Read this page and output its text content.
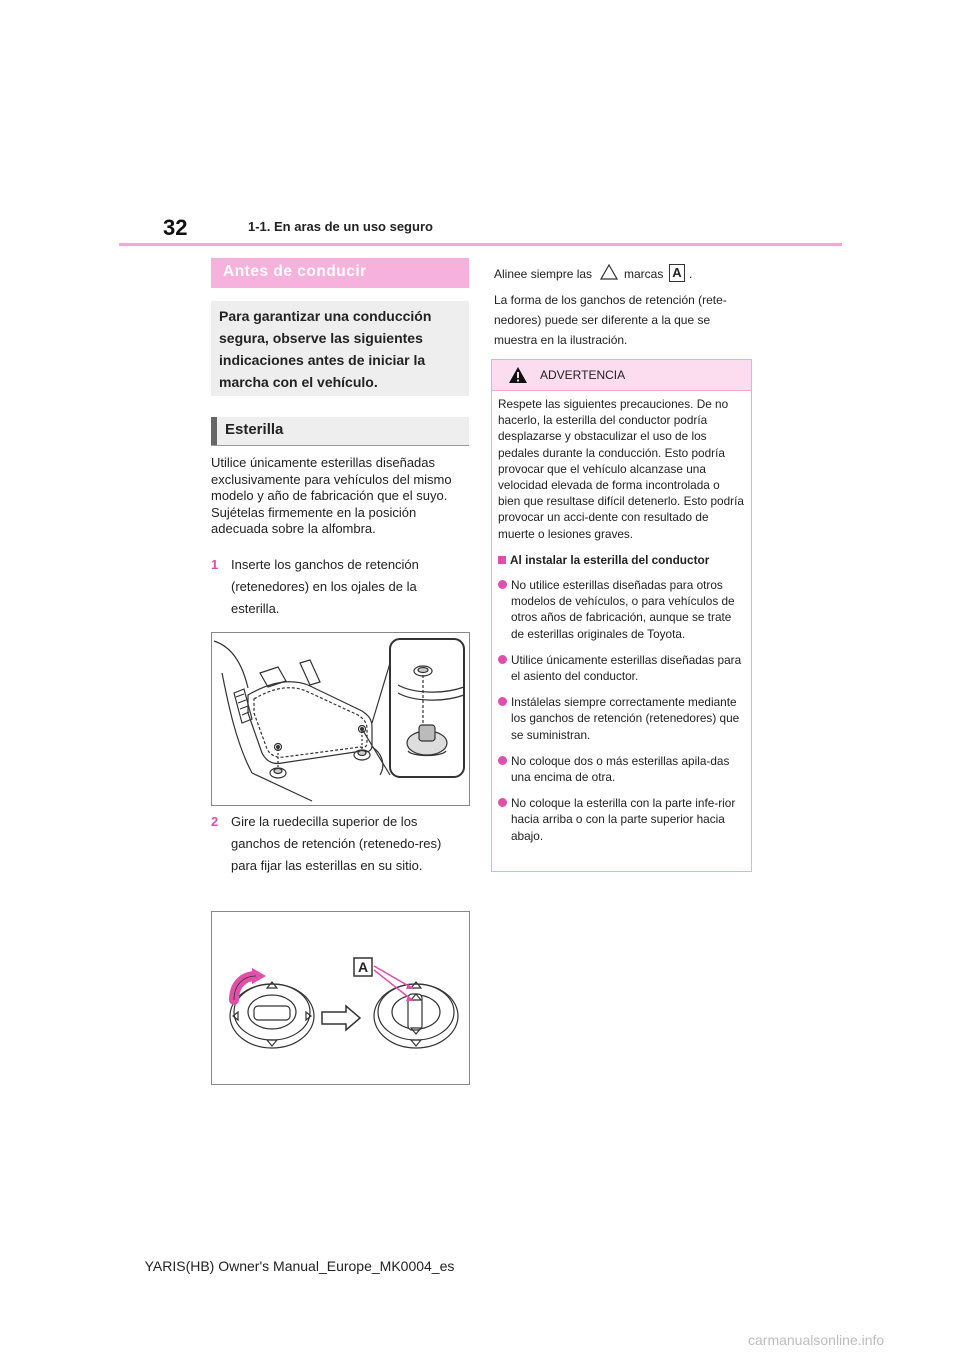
32	1-1. En aras de un uso seguro
Antes de conducir
Para garantizar una conducción segura, observe las siguientes indicaciones antes de iniciar la marcha con el vehículo.
Esterilla
Utilice únicamente esterillas diseñadas exclusivamente para vehículos del mismo modelo y año de fabricación que el suyo. Sujételas firmemente en la posición adecuada sobre la alfombra.
1 Inserte los ganchos de retención (retenedores) en los ojales de la esterilla.
2 Gire la ruedecilla superior de los ganchos de retención (retenedo-res) para fijar las esterillas en su sitio.
A
Alinee siempre las	marcas A .
La forma de los ganchos de retención (rete-nedores) puede ser diferente a la que se muestra en la ilustración.
ADVERTENCIA

Respete las siguientes precauciones. De no hacerlo, la esterilla del conductor podría desplazarse y obstaculizar el uso de los pedales durante la conducción. Esto podría provocar que el vehículo alcanzase una velocidad elevada de forma incontrolada o bien que resultase difícil detenerlo. Esto podría provocar un acci-dente con resultado de muerte o lesiones graves.

Al instalar la esterilla del conductor

No utilice esterillas diseñadas para otros modelos de vehículos, o para vehículos de otros años de fabricación, aunque se trate de esterillas originales de Toyota.

Utilice únicamente esterillas diseñadas para el asiento del conductor.

Instálelas siempre correctamente mediante los ganchos de retención (retenedores) que se suministran.

No coloque dos o más esterillas apila-das una encima de otra.

No coloque la esterilla con la parte infe-rior hacia arriba o con la parte superior hacia abajo.

YARIS(HB) Owner's Manual_Europe_MK0004_es
carmanualsonline.info
